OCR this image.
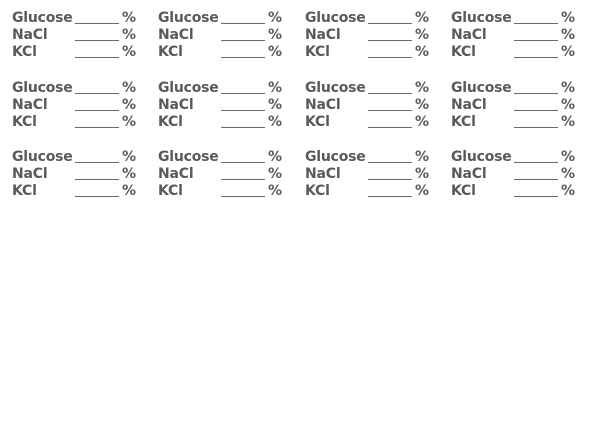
Glucose	%
NaCl	%
KCl	%
Glucose	%
NaCl	%
KCl	%
Glucose	%
NaCl	%
KCl	%
Glucose	%
NaCl	%
KCl	%
Glucose	%
NaCl	%
KCl	%
Glucose	%
NaCl	%
KCl	%
Glucose	%
NaCl	%
KCl	%
Glucose	%
NaCl	%
KCl	%
Glucose	%
NaCl	%
KCl	%
Glucose	%
NaCl	%
KCl	%
Glucose	%
NaCl	%
KCl	%
Glucose	%
NaCl	%
KCl	%
